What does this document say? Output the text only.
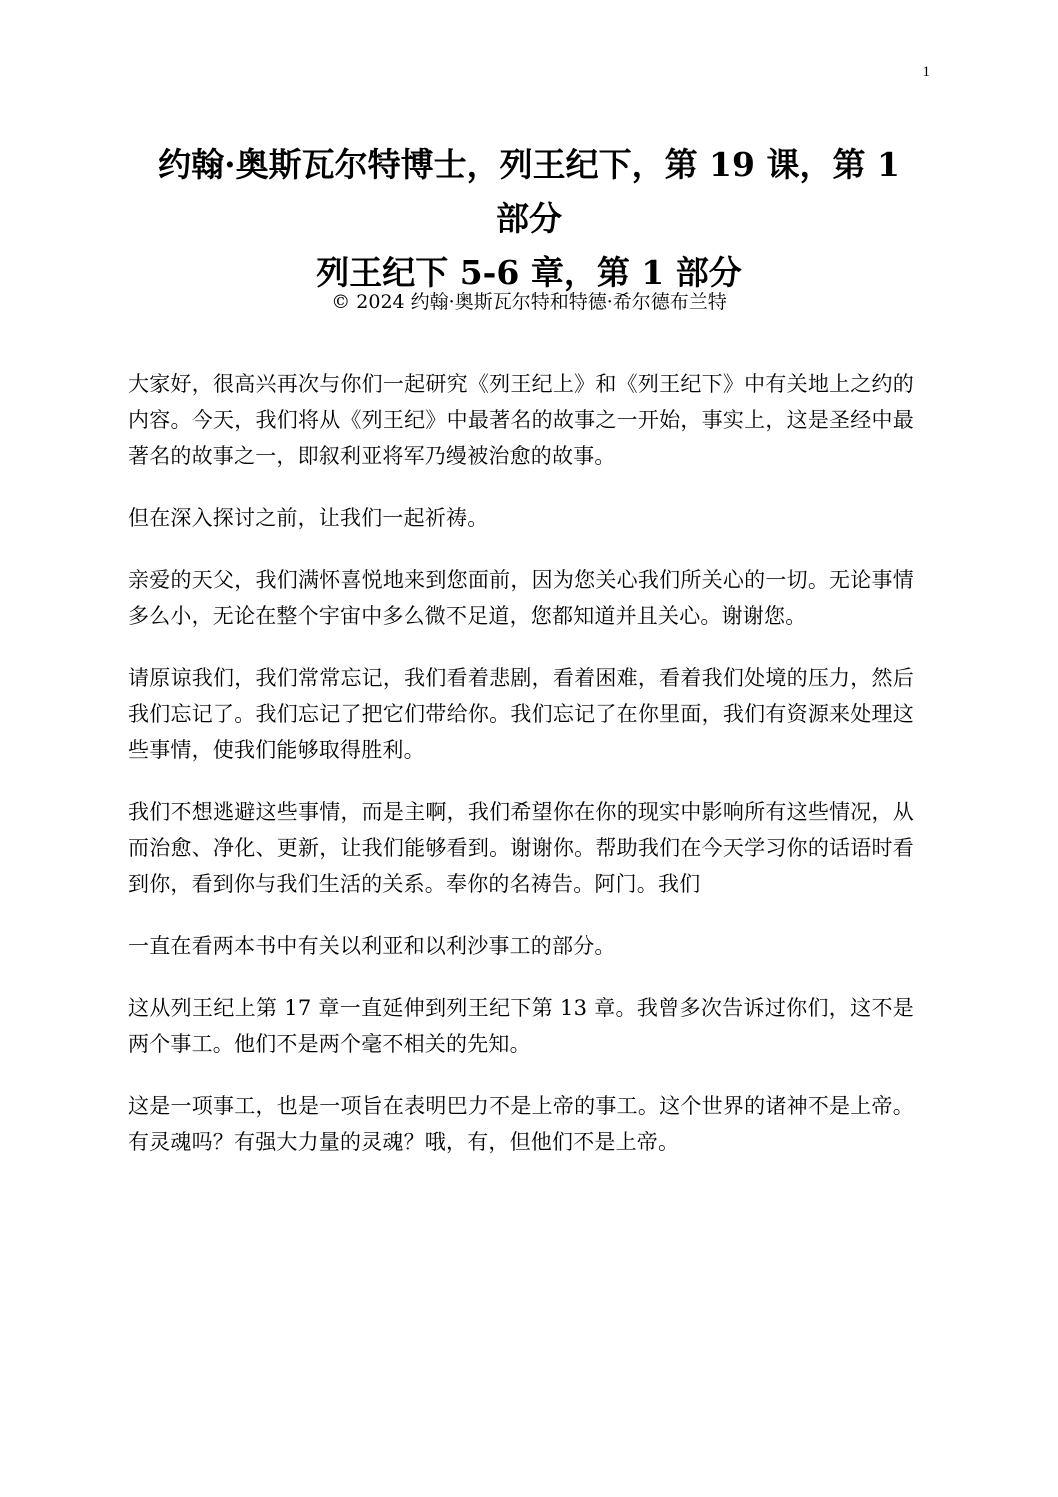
1
约翰·奥斯瓦尔特博士，列王纪下，第 19 课，第 1
部分
列王纪下 5-6 章，第 1 部分
© 2024 约翰·奥斯瓦尔特和特德·希尔德布兰特

大家好，很高兴再次与你们一起研究《列王纪上》和《列王纪下》中有关地上之约的内容。今天，我们将从《列王纪》中最著名的故事之一开始，事实上，这是圣经中最著名的故事之一，即叙利亚将军乃缦被治愈的故事。

但在深入探讨之前，让我们一起祈祷。

亲爱的天父，我们满怀喜悦地来到您面前，因为您关心我们所关心的一切。无论事情多么小，无论在整个宇宙中多么微不足道，您都知道并且关心。谢谢您。

请原谅我们，我们常常忘记，我们看着悲剧，看着困难，看着我们处境的压力，然后我们忘记了。我们忘记了把它们带给你。我们忘记了在你里面，我们有资源来处理这些事情，使我们能够取得胜利。

我们不想逃避这些事情，而是主啊，我们希望你在你的现实中影响所有这些情况，从而治愈、净化、更新，让我们能够看到。谢谢你。帮助我们在今天学习你的话语时看到你，看到你与我们生活的关系。奉你的名祷告。阿门。我们

一直在看两本书中有关以利亚和以利沙事工的部分。

这从列王纪上第 17 章一直延伸到列王纪下第 13 章。我曾多次告诉过你们，这不是两个事工。他们不是两个毫不相关的先知。

这是一项事工，也是一项旨在表明巴力不是上帝的事工。这个世界的诸神不是上帝。有灵魂吗？有强大力量的灵魂？哦，有，但他们不是上帝。
